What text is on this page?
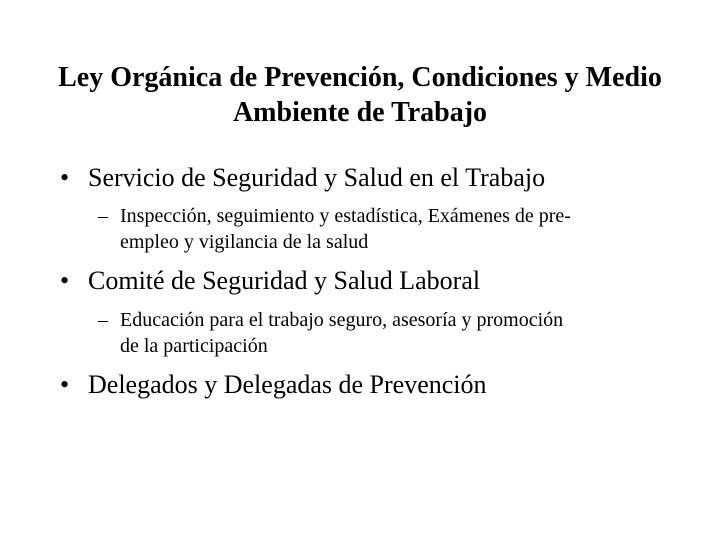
Ley Orgánica de Prevención, Condiciones y Medio Ambiente de Trabajo
• Servicio de Seguridad y Salud en el Trabajo
– Inspección, seguimiento y estadística, Exámenes de pre-
empleo y vigilancia de la salud
• Comité de Seguridad y Salud Laboral
– Educación para el trabajo seguro, asesoría y promoción
de la participación
• Delegados y Delegadas de Prevención
